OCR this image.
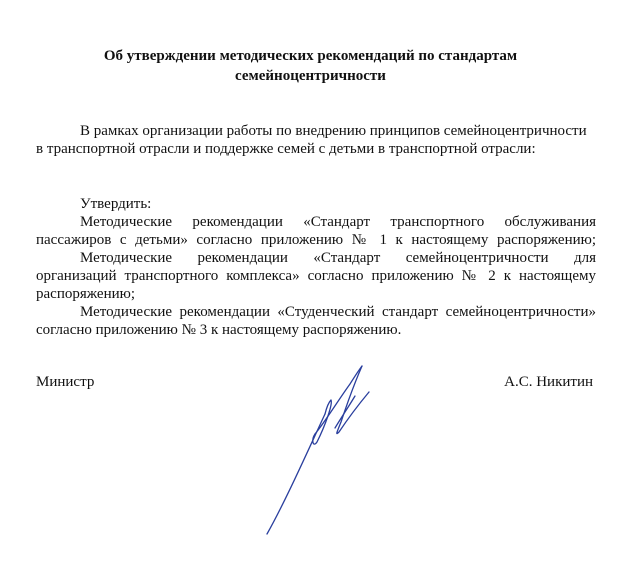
Об утверждении методических рекомендаций по стандартам
семейноцентричности
В рамках организации работы по внедрению принципов семейноцентричности
в транспортной отрасли и поддержке семей с детьми в транспортной отрасли:
Утвердить:
Методические рекомендации «Стандарт транспортного обслуживания
пассажиров с детьми» согласно приложению № 1 к настоящему распоряжению;
Методические рекомендации «Стандарт семейноцентричности для
организаций транспортного комплекса» согласно приложению № 2 к настоящему
распоряжению;
Методические рекомендации «Студенческий стандарт семейноцентричности»
согласно приложению № 3 к настоящему распоряжению.
Министр	А.С. Никитин
